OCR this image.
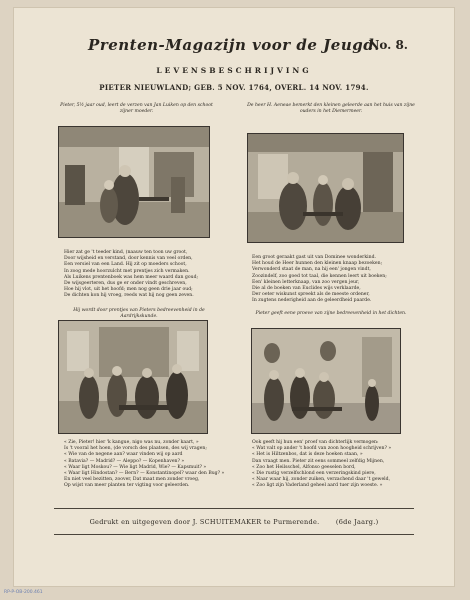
Prenten-Magazijn voor de Jeugd.
No. 8.
LEVENSBESCHRIJVING
PIETER NIEUWLAND; GEB. 5 NOV. 1764, OVERL. 14 NOV. 1794.
Pieter, 5½ jaar oud, leert de verzen van Jan Luiken op den schoot zijner moeder.
Hier zat ge 't teeder kind, (naauw ten toon uw groot,
Door wijsheid en verstand, door kennis van veel orden,
Een versiel van een Land. Hij zit op moeders schoot,
In zoog mede hoorzulcht met prentjes zich vermaken.
Als Luikens prentenboek was hem meer waard dan goud;
De wijsgeerteren, dus ge er onder vindt geschreven,
Hoe hij vlot, uit het hoofd; men nog geen drie jaar oud;
De dichten kon hij vroeg, reeds wat hij nog geen zeven.
De heer H. Aeneae bemerkt den kleinen geleerde aan het huis van zijne ouders in het Diemermeer.
Een groot geraakt gast uit van Dominee wonderkind.
Het houd de Heer hunnen den kleinen knaap bezoeken;
Verwonderd staat de man, na hij een' jongen vindt,
Zoozindelf, zoo goed tot taal, die kennen leert uit boeken;
Een' kleinen letterknaap, van zoo vergen jeur,
Die al de boeken van Euclides wijs verklaarde,
Der oeter wiskunst spreekt als de meeste ordener,
In zugtens nederigheid aan de geleerdheid paarde.
Hij wordt door prentjes van Pieters bedreevenheid in de Aardrijkskunde.
« Zie, Pieter! hier 'k kangue, nigo was nu, zonder kaart, »
Is 't vooral het hoen, (de vorsch des plaatsen, des wij vragen;
« Wie van de negene aan? waar vinden wij op aard
« Batavia? — Madrid? — Aleppo? — Kopenhaven? »
« Waar ligt Moskou? — Wie ligt Madrid, Wie? — Kapsmuit? »
« Waar ligt Hindostan? — Bern? — Konstantinopel? waar den Bug? »
En niet veel bezitten, zoover, Dat maat men zonder vroeg,
Op wijst van meer planten ter vigting voor geleerden.
Pieter geeft eene proeve van zijne bedreevenheid in het dichten.
Ook geeft hij hun een' proef van dichterlijk vermogen:
« Wat valt op ander 't hoofd van zoon hoogheid schrijven? »
« Het is Hiltzenbos, dat is deze hoeken staan, »
Dan vraagt men. Pieter zit eens sommeel zelfdig Mijnen,
« Zoo het Heilsschel, Alfonso geeselen bord,
« Die rustig verzelfschlond een verzeringskind piere,
« Naar waar hij, zonder zuiken, verzachend daar 't geweld,
« Zoo ligt zijn Vaderland geheel aard tuer zijn woeste. »
Gedrukt en uitgegeven door J. SCHUITEMAKER te Purmerende.	(6de Jaarg.)
RP-P-OB-200.461
